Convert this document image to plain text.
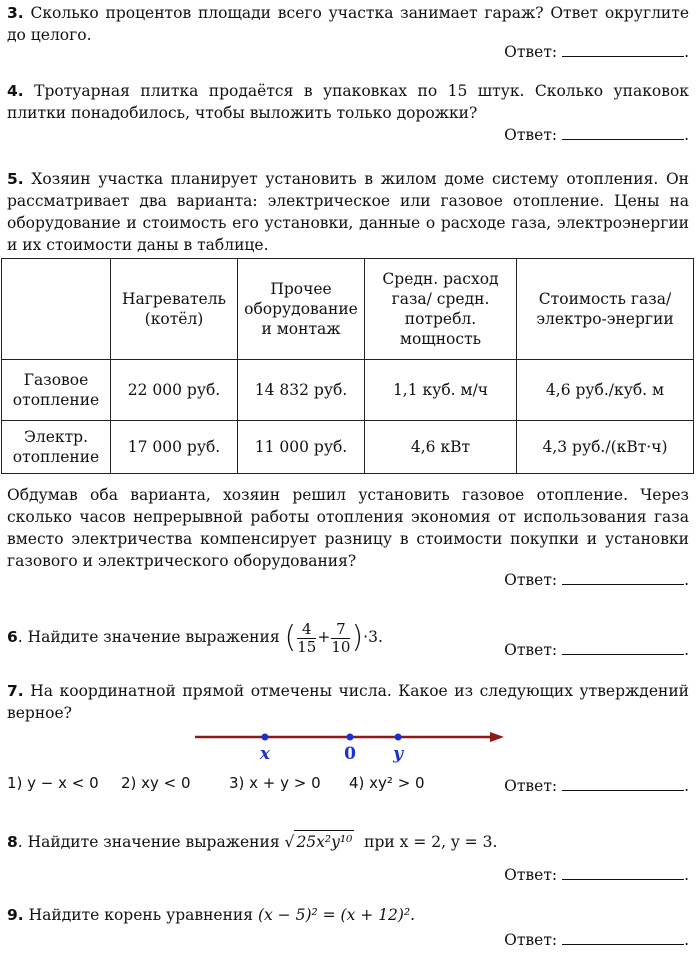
3. Сколько процентов площади всего участка занимает гараж? Ответ округлите до целого.
Ответ:	.
4. Тротуарная плитка продаётся в упаковках по 15 штук. Сколько упаковок плитки понадобилось, чтобы выложить только дорожки?
Ответ:	.
5. Хозяин участка планирует установить в жилом доме систему отопления. Он рассматривает два варианта: электрическое или газовое отопление. Цены на оборудование и стоимость его установки, данные о расходе газа, электроэнергии и их стоимости даны в таблице.
	Нагреватель (котёл)	Прочее оборудование и монтаж	Средн. расход газа/ средн. потребл. мощность	Стоимость газа/электро-энергии
Газовое отопление	22 000 руб.	14 832 руб.	1,1 куб. м/ч	4,6 руб./куб. м
Электр. отопление	17 000 руб.	11 000 руб.	4,6 кВт	4,3 руб./(кВт·ч)
Обдумав оба варианта, хозяин решил установить газовое отопление. Через сколько часов непрерывной работы отопления экономия от использования газа вместо электричества компенсирует разницу в стоимости покупки и установки газового и электрического оборудования?
Ответ:	.
6. Найдите значение выражения ( $\frac{4}{15} + \frac{7}{10} )\cdot 3$.
Ответ:	.
7. На координатной прямой отмечены числа. Какое из следующих утверждений верное?
x	0 y
1) y − x < 0 2) xy < 0	3) x + y > 0 4) xy² > 0	Ответ:	.
8. Найдите значение выражения √ 25x²y¹⁰ при x = 2, y = 3.
Ответ:	.
9. Найдите корень уравнения (x − 5)² = (x + 12)².
Ответ:	.
